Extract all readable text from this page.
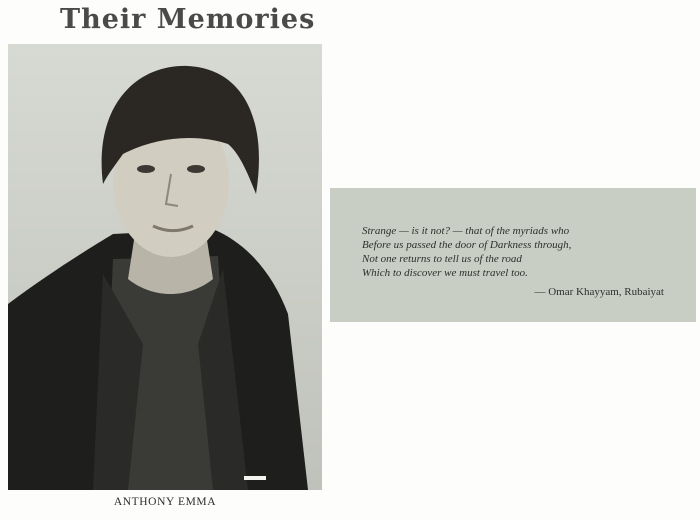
Their Memories
ANTHONY EMMA
Strange — is it not? — that of the myriads who
Before us passed the door of Darkness through,
Not one returns to tell us of the road
Which to discover we must travel too.
— Omar Khayyam, Rubaiyat
